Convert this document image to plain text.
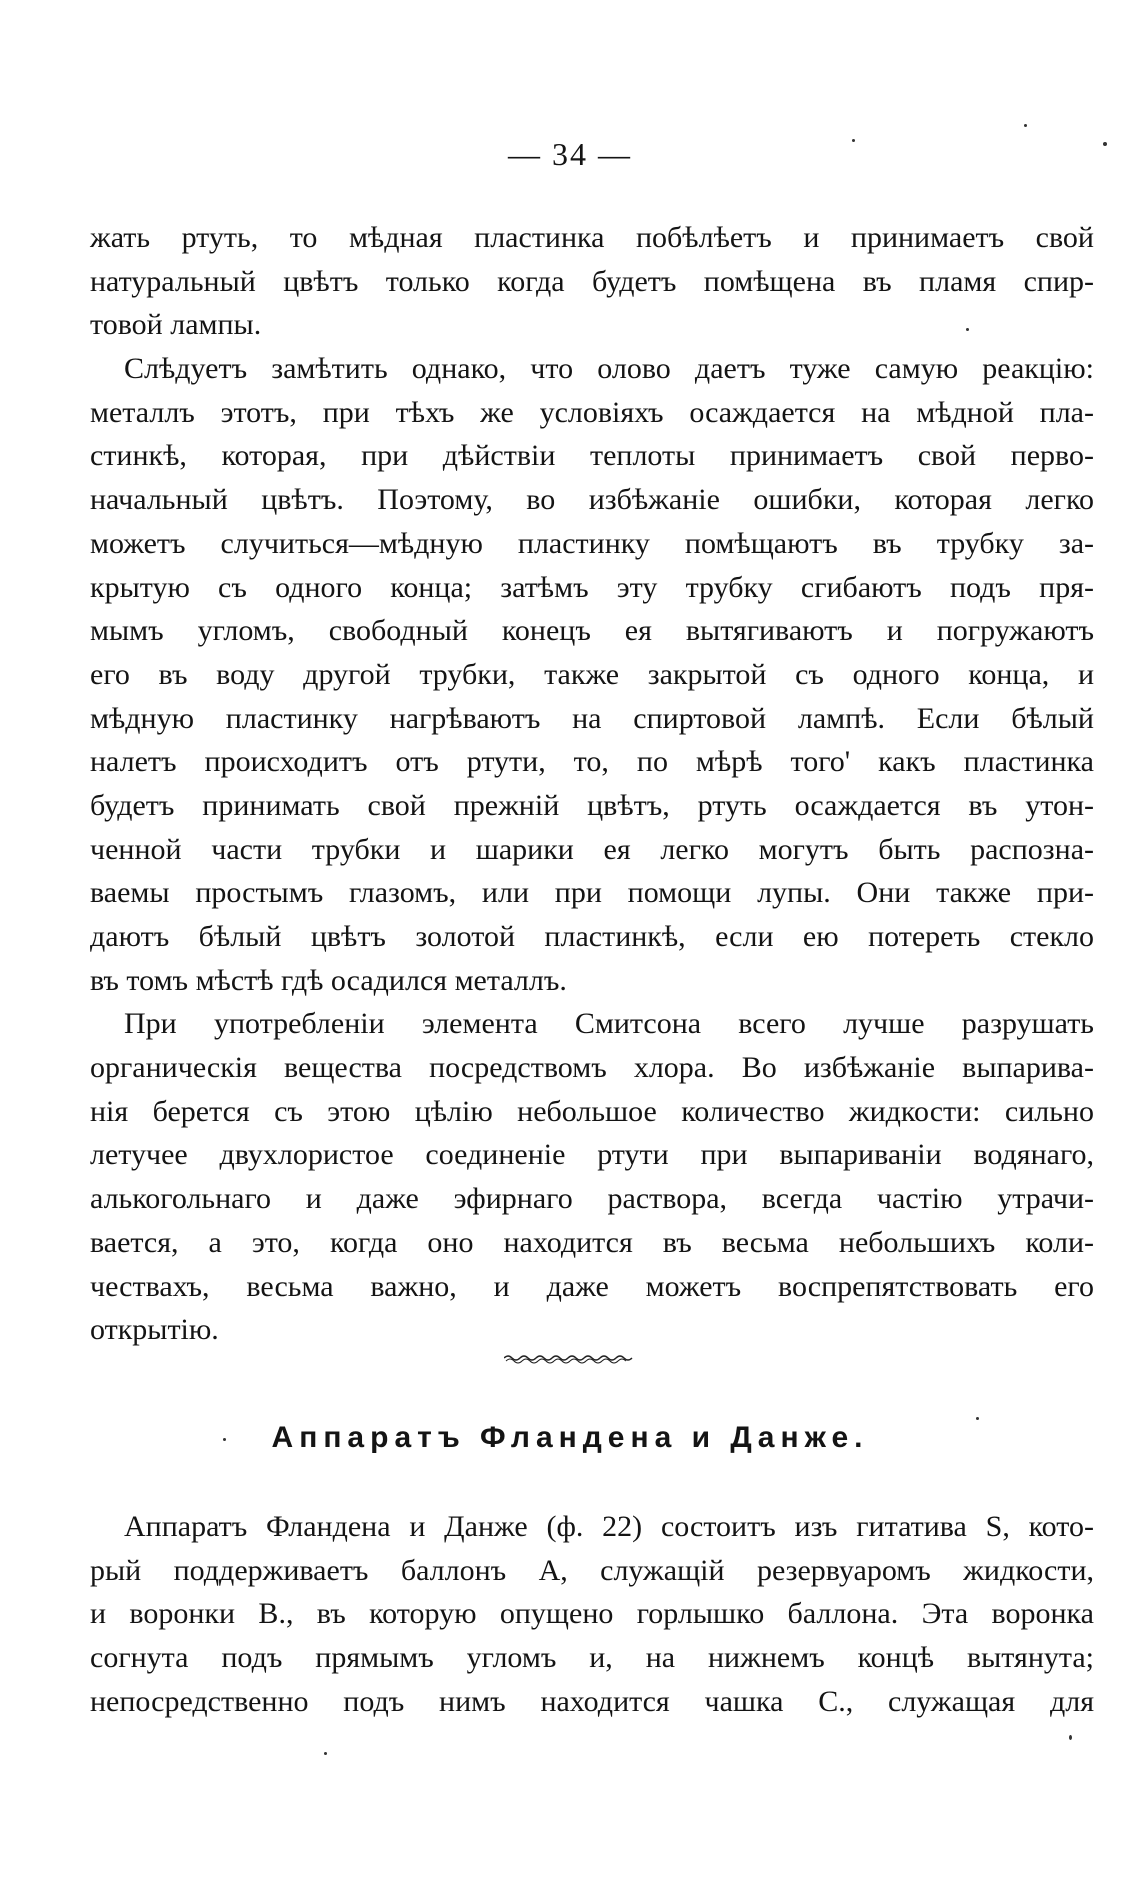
— 34 —
жать ртуть, то мѣдная пластинка побѣлѣетъ и принимаетъ свой
натуральный цвѣтъ только когда будетъ помѣщена въ пламя спир-
товой лампы.
Слѣдуетъ замѣтить однако, что олово даетъ туже самую реакцію:
металлъ этотъ, при тѣхъ же условіяхъ осаждается на мѣдной пла-
стинкѣ, которая, при дѣйствіи теплоты принимаетъ свой перво-
начальный цвѣтъ. Поэтому, во избѣжаніе ошибки, которая легко
можетъ случиться—мѣдную пластинку помѣщаютъ въ трубку за-
крытую съ одного конца; затѣмъ эту трубку сгибаютъ подъ пря-
мымъ угломъ, свободный конецъ ея вытягиваютъ и погружаютъ
его въ воду другой трубки, также закрытой съ одного конца, и
мѣдную пластинку нагрѣваютъ на спиртовой лампѣ. Если бѣлый
налетъ происходитъ отъ ртути, то, по мѣрѣ того' какъ пластинка
будетъ принимать свой прежній цвѣтъ, ртуть осаждается въ утон-
ченной части трубки и шарики ея легко могутъ быть распозна-
ваемы простымъ глазомъ, или при помощи лупы. Они также при-
даютъ бѣлый цвѣтъ золотой пластинкѣ, если ею потереть стекло
въ томъ мѣстѣ гдѣ осадился металлъ.
При употребленіи элемента Смитсона всего лучше разрушать
органическія вещества посредствомъ хлора. Во избѣжаніе выпарива-
нія берется съ этою цѣлію небольшое количество жидкости: сильно
летучее двухлористое соединеніе ртути при выпариваніи водянаго,
алькогольнаго и даже эфирнаго раствора, всегда частію утрачи-
вается, а это, когда оно находится въ весьма небольшихъ коли-
чествахъ, весьма важно, и даже можетъ воспрепятствовать его
открытію.
Аппаратъ Фландена и Данже.
Аппаратъ Фландена и Данже (ф. 22) состоитъ изъ гитатива S, кото-
рый поддерживаетъ баллонъ А, служащій резервуаромъ жидкости,
и воронки В., въ которую опущено горлышко баллона. Эта воронка
согнута подъ прямымъ угломъ и, на нижнемъ концѣ вытянута;
непосредственно подъ нимъ находится чашка С., служащая для
